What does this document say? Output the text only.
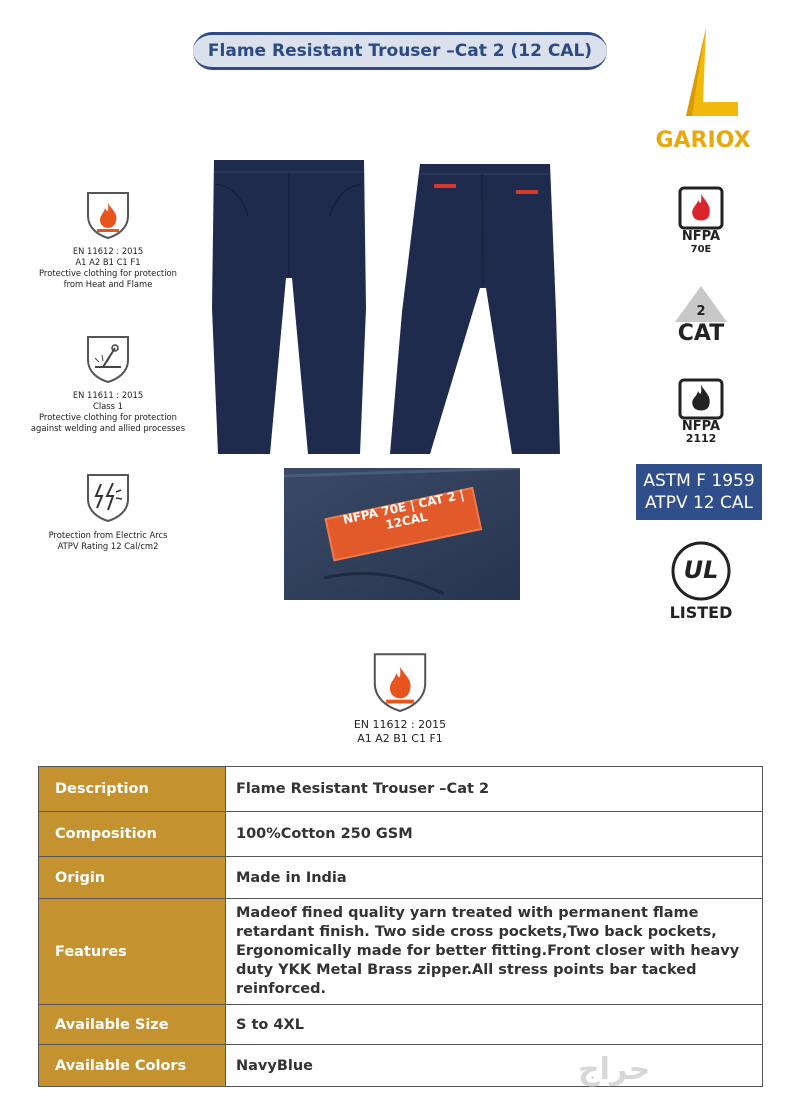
Flame Resistant Trouser –Cat 2 (12 CAL)
GARIOX
EN 11612 : 2015
A1 A2 B1 C1 F1
Protective clothing for protection
from Heat and Flame
EN 11611 : 2015
Class 1
Protective clothing for protection
against welding and allied processes
Protection from Electric Arcs
ATPV Rating 12 Cal/cm2
NFPA 70E | CAT 2 | 12CAL
NFPA
70E
2
CAT
NFPA
2112
ASTM F 1959
ATPV 12 CAL
UL
LISTED
EN 11612 : 2015
A1 A2 B1 C1 F1
Description	Flame Resistant Trouser –Cat 2
Composition	100%Cotton 250 GSM
Origin	Made in India
Features	Madeof fined quality yarn treated with permanent flame retardant finish. Two side cross pockets,Two back pockets, Ergonomically made for better fitting.Front closer with heavy duty YKK Metal Brass zipper.All stress points bar tacked reinforced.
Available Size	S to 4XL
Available Colors	NavyBlue	حراج
